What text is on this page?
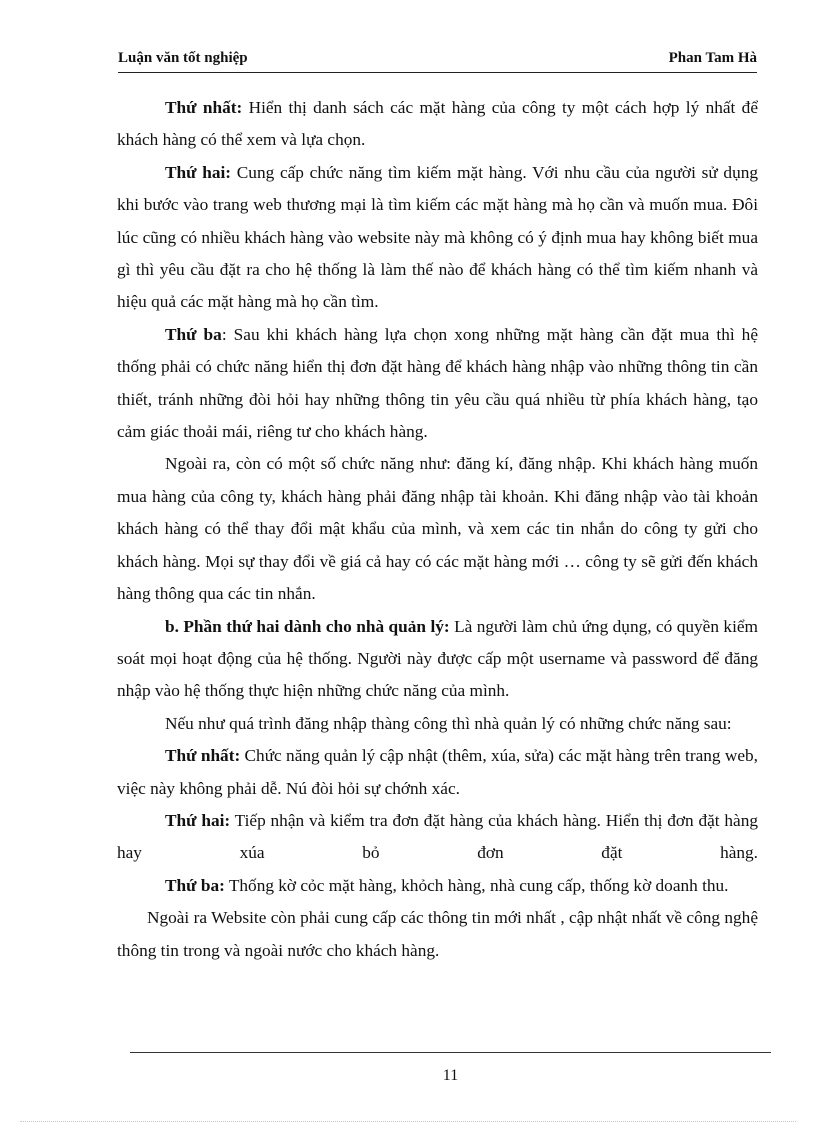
Luận văn tốt nghiệp	Phan Tam Hà

Thứ nhất: Hiển thị danh sách các mặt hàng của công ty một cách hợp lý nhất để khách hàng có thể xem và lựa chọn.

Thứ hai: Cung cấp chức năng tìm kiếm mặt hàng. Với nhu cầu của người sử dụng khi bước vào trang web thương mại là tìm kiếm các mặt hàng mà họ cần và muốn mua. Đôi lúc cũng có nhiều khách hàng vào website này mà không có ý định mua hay không biết mua gì thì yêu cầu đặt ra cho hệ thống là làm thế nào để khách hàng có thể tìm kiếm nhanh và hiệu quả các mặt hàng mà họ cần tìm.

Thứ ba: Sau khi khách hàng lựa chọn xong những mặt hàng cần đặt mua thì hệ thống phải có chức năng hiển thị đơn đặt hàng để khách hàng nhập vào những thông tin cần thiết, tránh những đòi hỏi hay những thông tin yêu cầu quá nhiều từ phía khách hàng, tạo cảm giác thoải mái, riêng tư cho khách hàng.

Ngoài ra, còn có một số chức năng như: đăng kí, đăng nhập. Khi khách hàng muốn mua hàng của công ty, khách hàng phải đăng nhập tài khoản. Khi đăng nhập vào tài khoản khách hàng có thể thay đổi mật khẩu của mình, và xem các tin nhắn do công ty gửi cho khách hàng. Mọi sự thay đổi về giá cả hay có các mặt hàng mới … công ty sẽ gửi đến khách hàng thông qua các tin nhắn.

b. Phần thứ hai dành cho nhà quản lý: Là người làm chủ ứng dụng, có quyền kiểm soát mọi hoạt động của hệ thống. Người này được cấp một username và password để đăng nhập vào hệ thống thực hiện những chức năng của mình.

Nếu như quá trình đăng nhập thàng công thì nhà quản lý có những chức năng sau:

Thứ nhất: Chức năng quản lý cập nhật (thêm, xúa, sửa) các mặt hàng trên trang web, việc này không phải dễ. Nú đòi hỏi sự chớnh xác.

Thứ hai: Tiếp nhận và kiểm tra đơn đặt hàng của khách hàng. Hiển thị đơn đặt hàng hay xúa bỏ đơn đặt hàng.

Thứ ba: Thống kờ cỏc mặt hàng, khỏch hàng, nhà cung cấp, thống kờ doanh thu.

Ngoài ra Website còn phải cung cấp các thông tin mới nhất , cập nhật nhất về công nghệ thông tin trong và ngoài nước cho khách hàng.

11
